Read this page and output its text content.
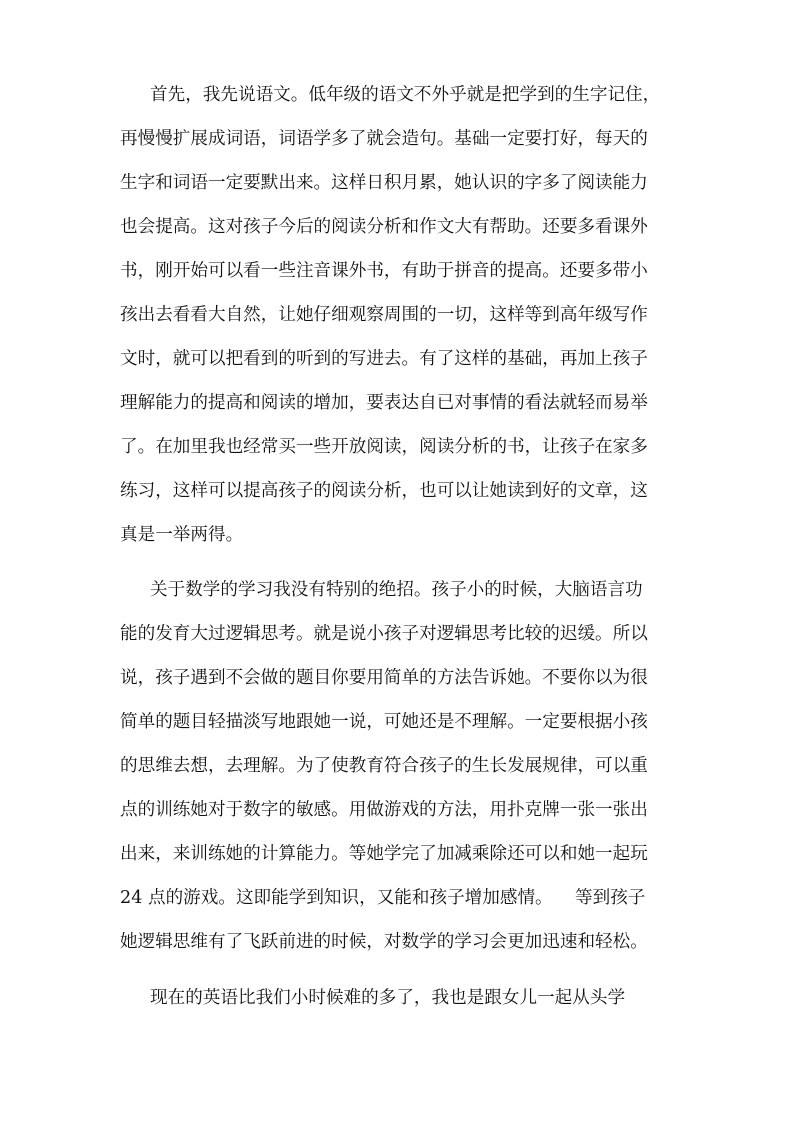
首先，我先说语文。低年级的语文不外乎就是把学到的生字记住，
再慢慢扩展成词语，词语学多了就会造句。基础一定要打好，每天的
生字和词语一定要默出来。这样日积月累，她认识的字多了阅读能力
也会提高。这对孩子今后的阅读分析和作文大有帮助。还要多看课外
书，刚开始可以看一些注音课外书，有助于拼音的提高。还要多带小
孩出去看看大自然，让她仔细观察周围的一切，这样等到高年级写作
文时，就可以把看到的听到的写进去。有了这样的基础，再加上孩子
理解能力的提高和阅读的增加，要表达自已对事情的看法就轻而易举
了。在加里我也经常买一些开放阅读，阅读分析的书，让孩子在家多
练习，这样可以提高孩子的阅读分析，也可以让她读到好的文章，这
真是一举两得。
关于数学的学习我没有特别的绝招。孩子小的时候，大脑语言功
能的发育大过逻辑思考。就是说小孩子对逻辑思考比较的迟缓。所以
说，孩子遇到不会做的题目你要用简单的方法告诉她。不要你以为很
简单的题目轻描淡写地跟她一说，可她还是不理解。一定要根据小孩
的思维去想，去理解。为了使教育符合孩子的生长发展规律，可以重
点的训练她对于数字的敏感。用做游戏的方法，用扑克牌一张一张出
出来，来训练她的计算能力。等她学完了加减乘除还可以和她一起玩
24 点的游戏。这即能学到知识，又能和孩子增加感情。    等到孩子
她逻辑思维有了飞跃前进的时候，对数学的学习会更加迅速和轻松。
现在的英语比我们小时候难的多了，我也是跟女儿一起从头学
